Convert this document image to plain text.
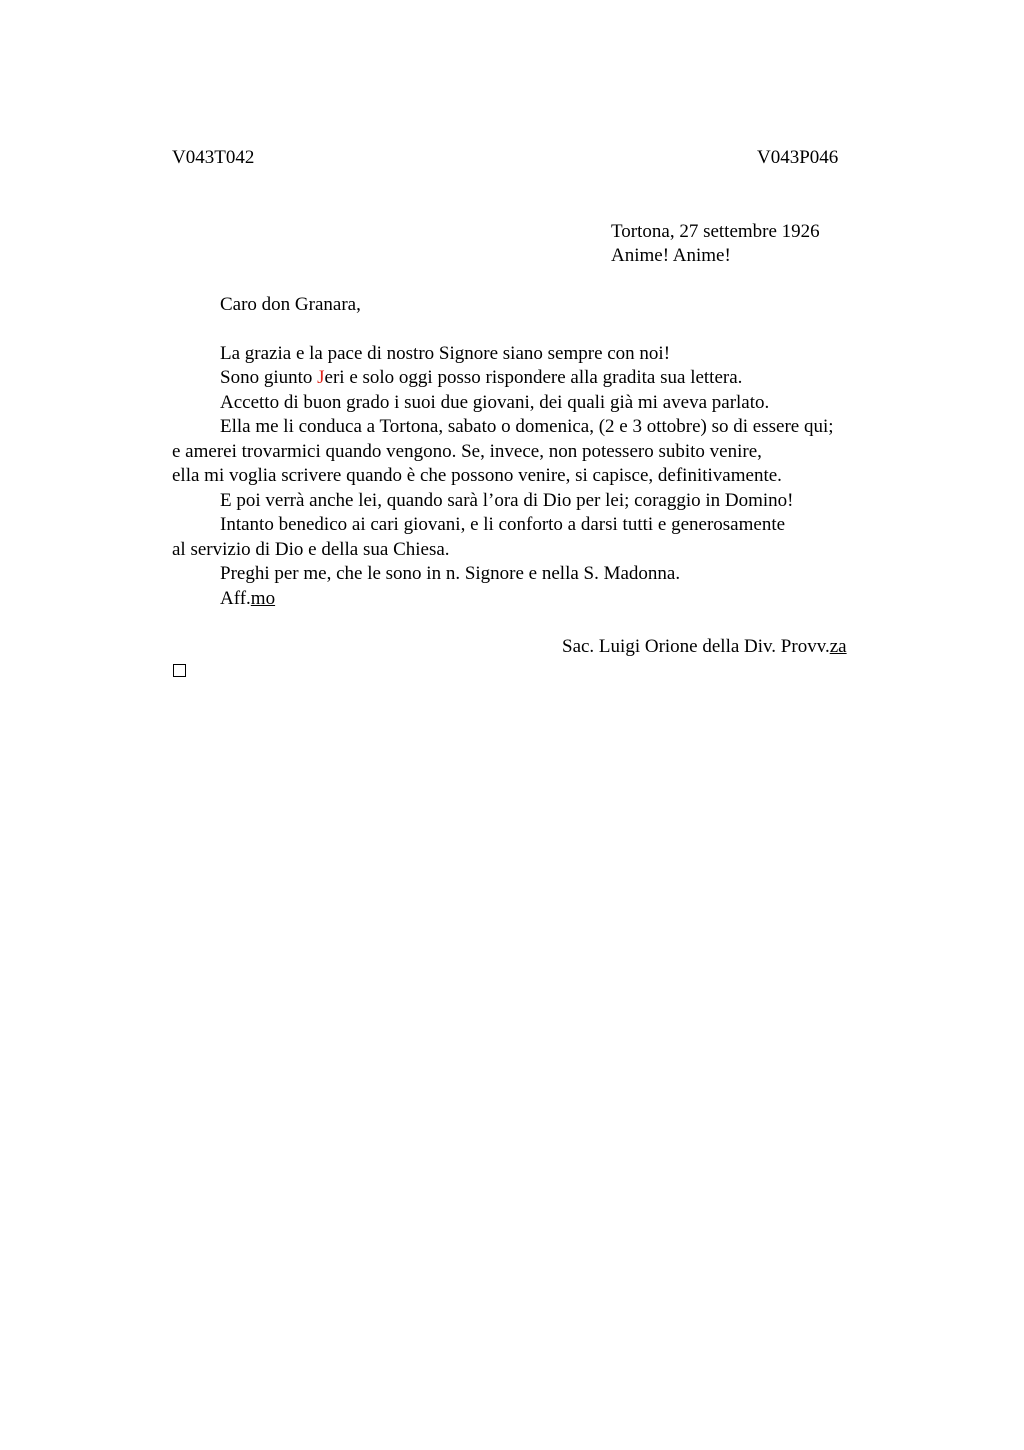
V043T042	V043P046
Tortona, 27 settembre 1926
Anime! Anime!
Caro don Granara,
La grazia e la pace di nostro Signore siano sempre con noi!
Sono giunto Jeri e solo oggi posso rispondere alla gradita sua lettera.
Accetto di buon grado i suoi due giovani, dei quali già mi aveva parlato.
Ella me li conduca a Tortona, sabato o domenica, (2 e 3 ottobre) so di essere qui;
e amerei trovarmici quando vengono. Se, invece, non potessero subito venire,
ella mi voglia scrivere quando è che possono venire, si capisce, definitivamente.
E poi verrà anche lei, quando sarà l’ora di Dio per lei; coraggio in Domino!
Intanto benedico ai cari giovani, e li conforto a darsi tutti e generosamente
al servizio di Dio e della sua Chiesa.
Preghi per me, che le sono in n. Signore e nella S. Madonna.
Aff.mo
Sac. Luigi Orione della Div. Provv.za
